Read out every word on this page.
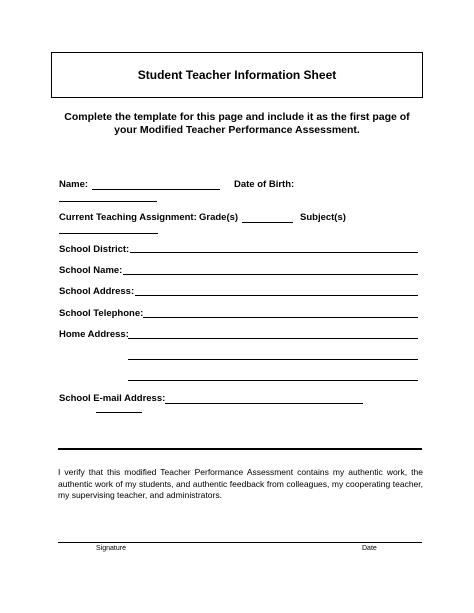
Student Teacher Information Sheet
Complete the template for this page and include it as the first page of
your Modified Teacher Performance Assessment.
Name:	Date of Birth:
Current Teaching Assignment: Grade(s)	Subject(s)
School District:
School Name:
School Address:
School Telephone:
Home Address:
School E-mail Address:
I verify that this modified Teacher Performance Assessment contains my authentic work, the authentic work of my students, and authentic feedback from colleagues, my cooperating teacher, my supervising teacher, and administrators.
Signature	Date
